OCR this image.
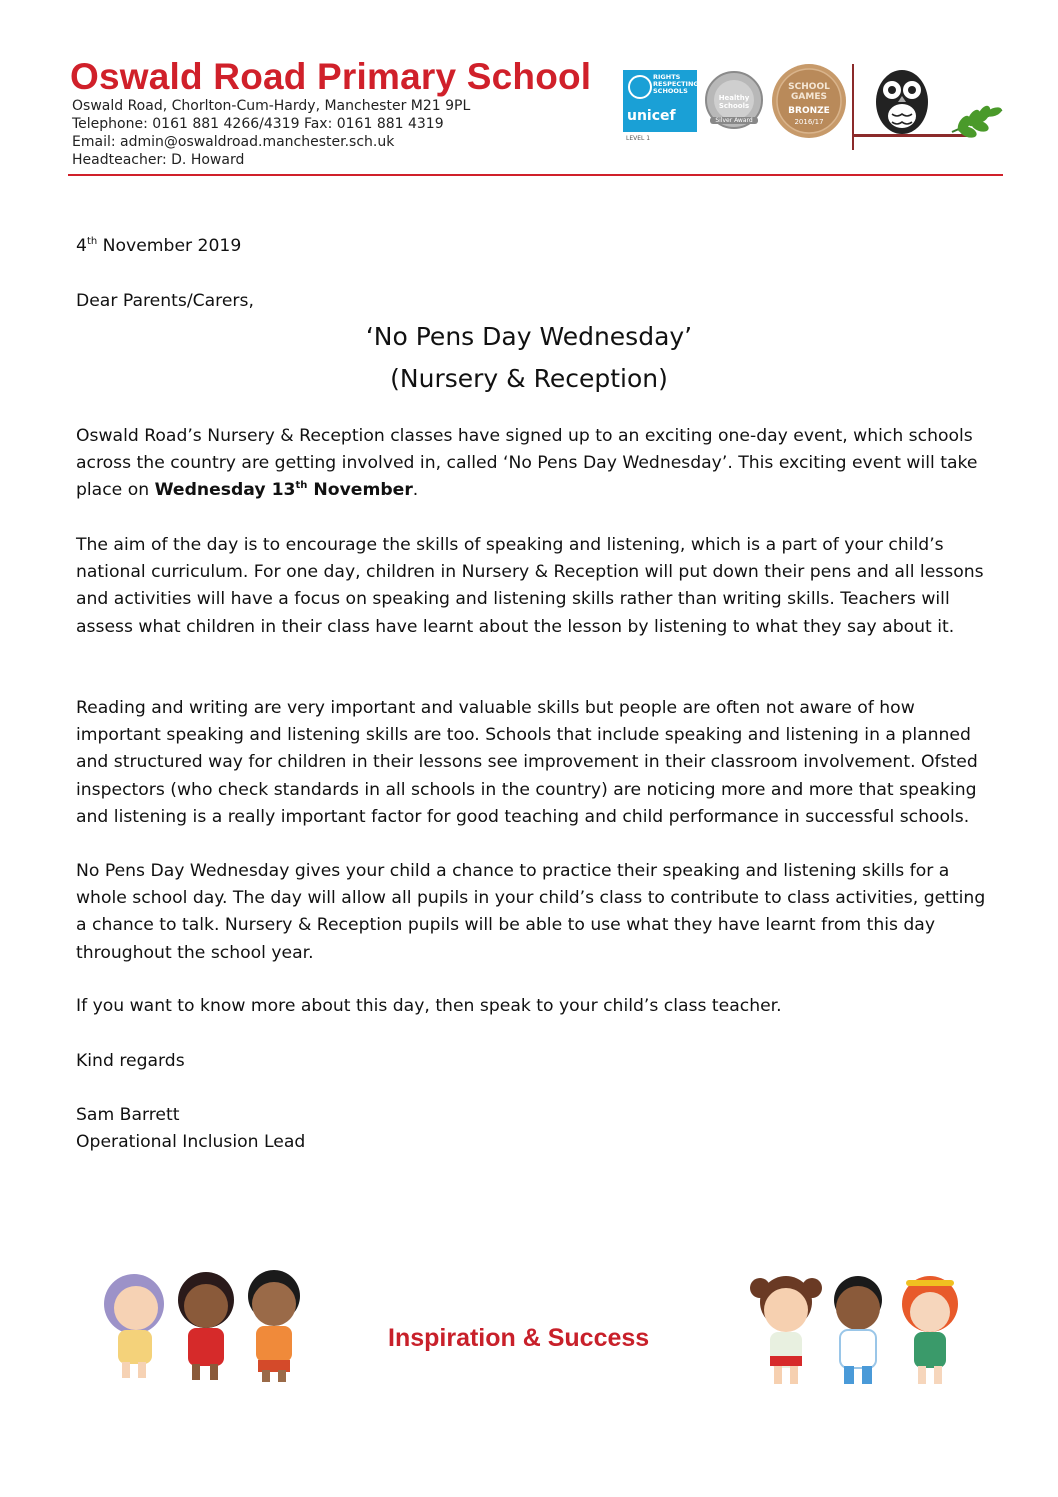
Oswald Road Primary School
Oswald Road, Chorlton-Cum-Hardy, Manchester M21 9PL
Telephone: 0161 881 4266/4319 Fax: 0161 881 4319
Email: admin@oswaldroad.manchester.sch.uk
Headteacher: D. Howard
RIGHTS RESPECTING SCHOOLS
unicef
LEVEL 1
Healthy Schools
Silver Award
SCHOOL GAMES
BRONZE
2016/17
4th November 2019
Dear Parents/Carers,
‘No Pens Day Wednesday’
(Nursery & Reception)

Oswald Road’s Nursery & Reception classes have signed up to an exciting one-day event, which schools across the country are getting involved in, called ‘No Pens Day Wednesday’. This exciting event will take place on Wednesday 13th November.

The aim of the day is to encourage the skills of speaking and listening, which is a part of your child’s national curriculum. For one day, children in Nursery & Reception will put down their pens and all lessons and activities will have a focus on speaking and listening skills rather than writing skills. Teachers will assess what children in their class have learnt about the lesson by listening to what they say about it.

Reading and writing are very important and valuable skills but people are often not aware of how important speaking and listening skills are too. Schools that include speaking and listening in a planned and structured way for children in their lessons see improvement in their classroom involvement. Ofsted inspectors (who check standards in all schools in the country) are noticing more and more that speaking and listening is a really important factor for good teaching and child performance in successful schools.

No Pens Day Wednesday gives your child a chance to practice their speaking and listening skills for a whole school day. The day will allow all pupils in your child’s class to contribute to class activities, getting a chance to talk. Nursery & Reception pupils will be able to use what they have learnt from this day throughout the school year.

If you want to know more about this day, then speak to your child’s class teacher.

Kind regards
Sam Barrett
Operational Inclusion Lead
Inspiration & Success
